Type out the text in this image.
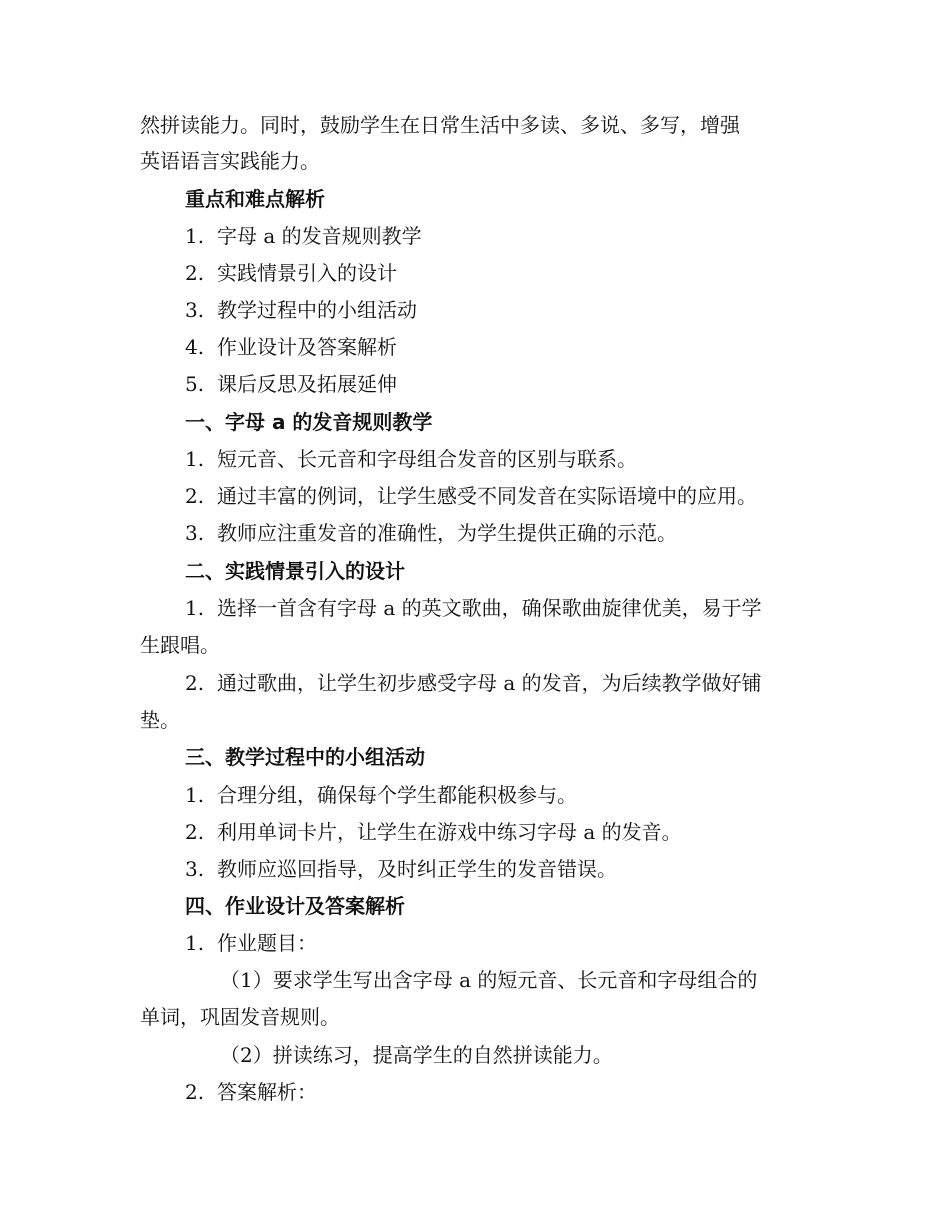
然拼读能力。同时，鼓励学生在日常生活中多读、多说、多写，增强
英语语言实践能力。
重点和难点解析
1. 字母 a 的发音规则教学
2. 实践情景引入的设计
3. 教学过程中的小组活动
4. 作业设计及答案解析
5. 课后反思及拓展延伸
一、字母 a 的发音规则教学
1. 短元音、长元音和字母组合发音的区别与联系。
2. 通过丰富的例词，让学生感受不同发音在实际语境中的应用。
3. 教师应注重发音的准确性，为学生提供正确的示范。
二、实践情景引入的设计
1. 选择一首含有字母 a 的英文歌曲，确保歌曲旋律优美，易于学
生跟唱。
2. 通过歌曲，让学生初步感受字母 a 的发音，为后续教学做好铺
垫。
三、教学过程中的小组活动
1. 合理分组，确保每个学生都能积极参与。
2. 利用单词卡片，让学生在游戏中练习字母 a 的发音。
3. 教师应巡回指导，及时纠正学生的发音错误。
四、作业设计及答案解析
1. 作业题目：
（1）要求学生写出含字母 a 的短元音、长元音和字母组合的
单词，巩固发音规则。
（2）拼读练习，提高学生的自然拼读能力。
2. 答案解析：
